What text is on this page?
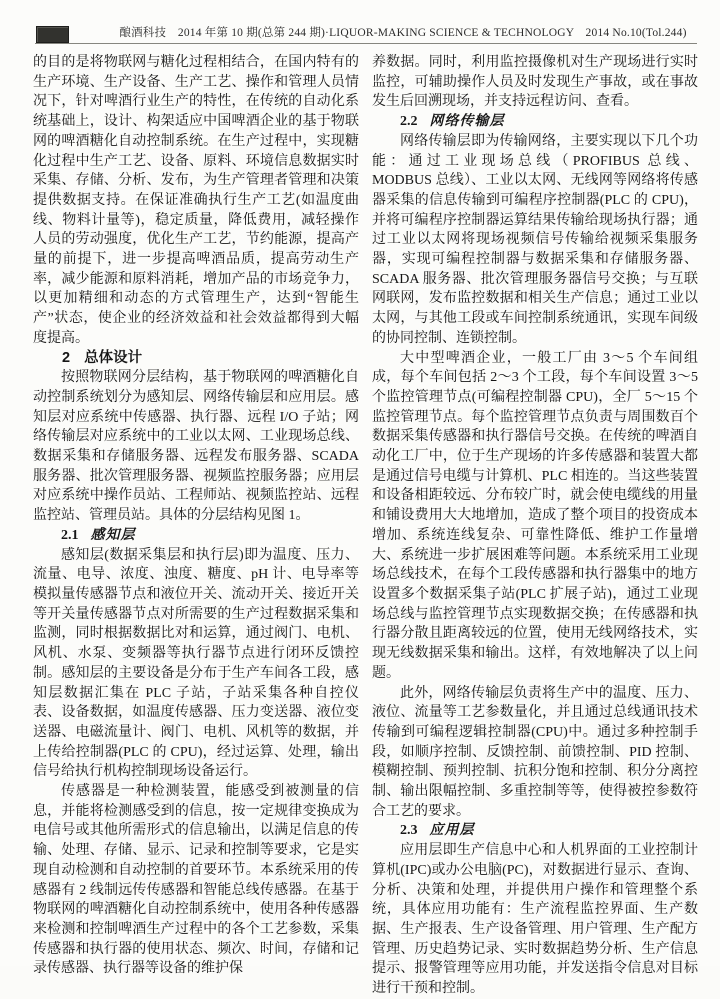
酿酒科技　2014 年第 10 期(总第 244 期)·LIQUOR-MAKING SCIENCE & TECHNOLOGY　2014 No.10(Tol.244)

的目的是将物联网与糖化过程相结合，在国内特有的生产环境、生产设备、生产工艺、操作和管理人员情况下，针对啤酒行业生产的特性，在传统的自动化系统基础上，设计、构架适应中国啤酒企业的基于物联网的啤酒糖化自动控制系统。在生产过程中，实现糖化过程中生产工艺、设备、原料、环境信息数据实时采集、存储、分析、发布，为生产管理者管理和决策提供数据支持。在保证准确执行生产工艺(如温度曲线、物料计量等)，稳定质量，降低费用，减轻操作人员的劳动强度，优化生产工艺，节约能源，提高产量的前提下，进一步提高啤酒品质，提高劳动生产率，减少能源和原料消耗，增加产品的市场竞争力，以更加精细和动态的方式管理生产，达到“智能生产”状态，使企业的经济效益和社会效益都得到大幅度提高。

2 总体设计

按照物联网分层结构，基于物联网的啤酒糖化自动控制系统划分为感知层、网络传输层和应用层。感知层对应系统中传感器、执行器、远程 I/O 子站；网络传输层对应系统中的工业以太网、工业现场总线、数据采集和存储服务器、远程发布服务器、SCADA 服务器、批次管理服务器、视频监控服务器；应用层对应系统中操作员站、工程师站、视频监控站、远程监控站、管理员站。具体的分层结构见图 1。

2.1 感知层

感知层(数据采集层和执行层)即为温度、压力、流量、电导、浓度、浊度、糖度、pH 计、电导率等模拟量传感器节点和液位开关、流动开关、接近开关等开关量传感器节点对所需要的生产过程数据采集和监测，同时根据数据比对和运算，通过阀门、电机、风机、水泵、变频器等执行器节点进行闭环反馈控制。感知层的主要设备是分布于生产车间各工段，感知层数据汇集在 PLC 子站，子站采集各种自控仪表、设备数据，如温度传感器、压力变送器、液位变送器、电磁流量计、阀门、电机、风机等的数据，并上传给控制器(PLC 的 CPU)，经过运算、处理，输出信号给执行机构控制现场设备运行。

传感器是一种检测装置，能感受到被测量的信息，并能将检测感受到的信息，按一定规律变换成为电信号或其他所需形式的信息输出，以满足信息的传输、处理、存储、显示、记录和控制等要求，它是实现自动检测和自动控制的首要环节。本系统采用的传感器有 2 线制远传传感器和智能总线传感器。在基于物联网的啤酒糖化自动控制系统中，使用各种传感器来检测和控制啤酒生产过程中的各个工艺参数，采集传感器和执行器的使用状态、频次、时间，存储和记录传感器、执行器等设备的维护保

养数据。同时，利用监控摄像机对生产现场进行实时监控，可辅助操作人员及时发现生产事故，或在事故发生后回溯现场，并支持远程访问、查看。

2.2 网络传输层

网络传输层即为传输网络，主要实现以下几个功能：通过工业现场总线（PROFIBUS 总线、MODBUS 总线）、工业以太网、无线网等网络将传感器采集的信息传输到可编程序控制器(PLC 的 CPU)，并将可编程序控制器运算结果传输给现场执行器；通过工业以太网将现场视频信号传输给视频采集服务器，实现可编程控制器与数据采集和存储服务器、SCADA 服务器、批次管理服务器信号交换；与互联网联网，发布监控数据和相关生产信息；通过工业以太网，与其他工段或车间控制系统通讯，实现车间级的协同控制、连锁控制。

大中型啤酒企业，一般工厂由 3～5 个车间组成，每个车间包括 2～3 个工段，每个车间设置 3～5 个监控管理节点(可编程控制器 CPU)，全厂 5～15 个监控管理节点。每个监控管理节点负责与周围数百个数据采集传感器和执行器信号交换。在传统的啤酒自动化工厂中，位于生产现场的许多传感器和装置大都是通过信号电缆与计算机、PLC 相连的。当这些装置和设备相距较远、分布较广时，就会使电缆线的用量和铺设费用大大地增加，造成了整个项目的投资成本增加、系统连线复杂、可靠性降低、维护工作量增大、系统进一步扩展困难等问题。本系统采用工业现场总线技术，在每个工段传感器和执行器集中的地方设置多个数据采集子站(PLC 扩展子站)，通过工业现场总线与监控管理节点实现数据交换；在传感器和执行器分散且距离较远的位置，使用无线网络技术，实现无线数据采集和输出。这样，有效地解决了以上问题。

此外，网络传输层负责将生产中的温度、压力、液位、流量等工艺参数量化，并且通过总线通讯技术传输到可编程逻辑控制器(CPU)中。通过多种控制手段，如顺序控制、反馈控制、前馈控制、PID 控制、模糊控制、预判控制、抗积分饱和控制、积分分离控制、输出限幅控制、多重控制等等，使得被控参数符合工艺的要求。

2.3 应用层

应用层即生产信息中心和人机界面的工业控制计算机(IPC)或办公电脑(PC)，对数据进行显示、查询、分析、决策和处理，并提供用户操作和管理整个系统，具体应用功能有：生产流程监控界面、生产数据、生产报表、生产设备管理、用户管理、生产配方管理、历史趋势记录、实时数据趋势分析、生产信息提示、报警管理等应用功能，并发送指令信息对目标进行干预和控制。
